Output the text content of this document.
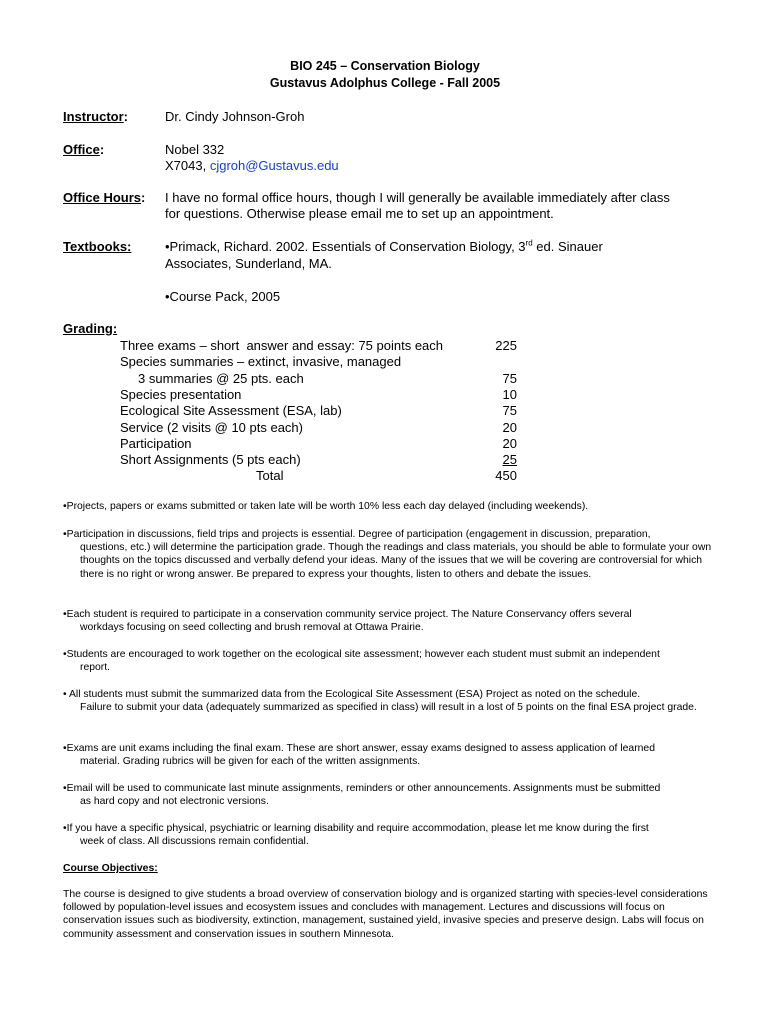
BIO 245 – Conservation Biology
Gustavus Adolphus College - Fall 2005
Instructor:	Dr. Cindy Johnson-Groh
Office:	Nobel 332
X7043, cjgroh@Gustavus.edu
Office Hours: I have no formal office hours, though I will generally be available immediately after class
for questions. Otherwise please email me to set up an appointment.
Textbooks:	•Primack, Richard. 2002. Essentials of Conservation Biology, 3rd ed. Sinauer
Associates, Sunderland, MA.
•Course Pack, 2005
Grading:
Three exams – short  answer and essay: 75 points each	225
Species summaries – extinct, invasive, managed
3 summaries @ 25 pts. each	75
Species presentation	10
Ecological Site Assessment (ESA, lab)	75
Service (2 visits @ 10 pts each)	20
Participation	20
Short Assignments (5 pts each)	25
Total	450
•Projects, papers or exams submitted or taken late will be worth 10% less each day delayed (including weekends).
•Participation in discussions, field trips and projects is essential. Degree of participation (engagement in discussion, preparation,
questions, etc.) will determine the participation grade. Though the readings and class materials, you should be able to formulate your own thoughts on the topics discussed and verbally defend your ideas. Many of the issues that we will be covering are controversial for which there is no right or wrong answer. Be prepared to express your thoughts, listen to others and debate the issues.
•Each student is required to participate in a conservation community service project. The Nature Conservancy offers several
workdays focusing on seed collecting and brush removal at Ottawa Prairie.
•Students are encouraged to work together on the ecological site assessment; however each student must submit an independent
report.
• All students must submit the summarized data from the Ecological Site Assessment (ESA) Project as noted on the schedule.
Failure to submit your data (adequately summarized as specified in class) will result in a lost of 5 points on the final ESA project grade.
•Exams are unit exams including the final exam. These are short answer, essay exams designed to assess application of learned
material. Grading rubrics will be given for each of the written assignments.
•Email will be used to communicate last minute assignments, reminders or other announcements. Assignments must be submitted
as hard copy and not electronic versions.
•If you have a specific physical, psychiatric or learning disability and require accommodation, please let me know during the first
week of class. All discussions remain confidential.
Course Objectives:
The course is designed to give students a broad overview of conservation biology and is organized starting with species-level considerations followed by population-level issues and ecosystem issues and concludes with management. Lectures and discussions will focus on conservation issues such as biodiversity, extinction, management, sustained yield, invasive species and preserve design. Labs will focus on community assessment and conservation issues in southern Minnesota.
